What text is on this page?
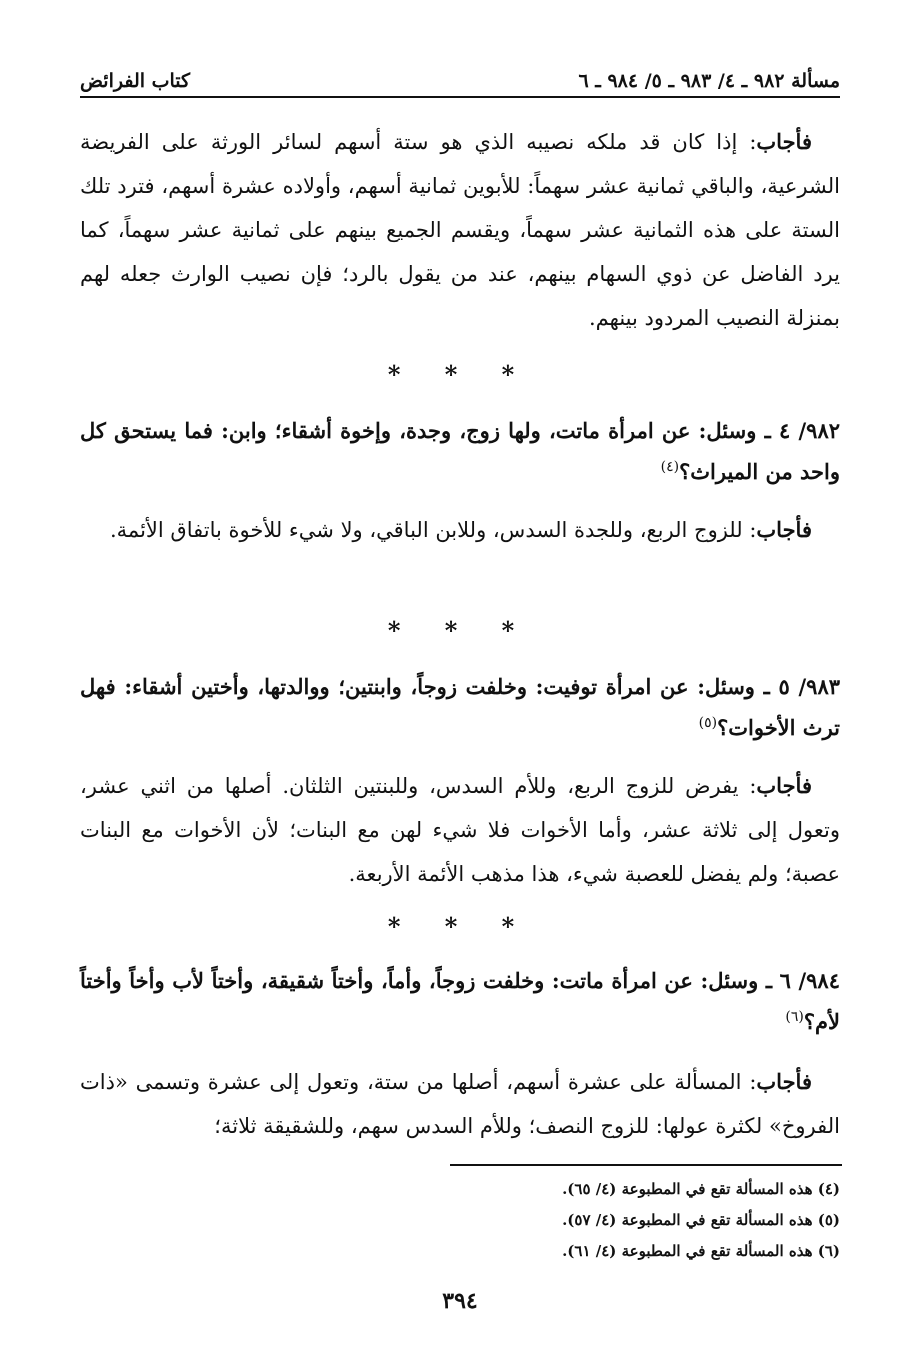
مسألة ٩٨٢ ـ ٤/ ٩٨٣ ـ ٥/ ٩٨٤ ـ ٦
كتاب الفرائض
فأجاب: إذا كان قد ملكه نصيبه الذي هو ستة أسهم لسائر الورثة على الفريضة الشرعية، والباقي ثمانية عشر سهماً: للأبوين ثمانية أسهم، وأولاده عشرة أسهم، فترد تلك الستة على هذه الثمانية عشر سهماً، ويقسم الجميع بينهم على ثمانية عشر سهماً، كما يرد الفاضل عن ذوي السهام بينهم، عند من يقول بالرد؛ فإن نصيب الوارث جعله لهم بمنزلة النصيب المردود بينهم.
* * *
٩٨٢/ ٤ ـ وسئل: عن امرأة ماتت، ولها زوج، وجدة، وإخوة أشقاء؛ وابن: فما يستحق كل واحد من الميراث؟$^{(٤)}$
فأجاب: للزوج الربع، وللجدة السدس، وللابن الباقي، ولا شيء للأخوة باتفاق الأئمة.
* * *
٩٨٣/ ٥ ـ وسئل: عن امرأة توفيت: وخلفت زوجاً، وابنتين؛ ووالدتها، وأختين أشقاء: فهل ترث الأخوات؟$^{(٥)}$
فأجاب: يفرض للزوج الربع، وللأم السدس، وللبنتين الثلثان. أصلها من اثني عشر، وتعول إلى ثلاثة عشر، وأما الأخوات فلا شيء لهن مع البنات؛ لأن الأخوات مع البنات عصبة؛ ولم يفضل للعصبة شيء، هذا مذهب الأئمة الأربعة.
* * *
٩٨٤/ ٦ ـ وسئل: عن امرأة ماتت: وخلفت زوجاً، وأماً، وأختاً شقيقة، وأختاً لأب وأخاً وأختاً لأم؟$^{(٦)}$
فأجاب: المسألة على عشرة أسهم، أصلها من ستة، وتعول إلى عشرة وتسمى «ذات الفروخ» لكثرة عولها: للزوج النصف؛ وللأم السدس سهم، وللشقيقة ثلاثة؛
(٤) هذه المسألة تقع في المطبوعة (٤/ ٦٥).
(٥) هذه المسألة تقع في المطبوعة (٤/ ٥٧).
(٦) هذه المسألة تقع في المطبوعة (٤/ ٦١).
٣٩٤
